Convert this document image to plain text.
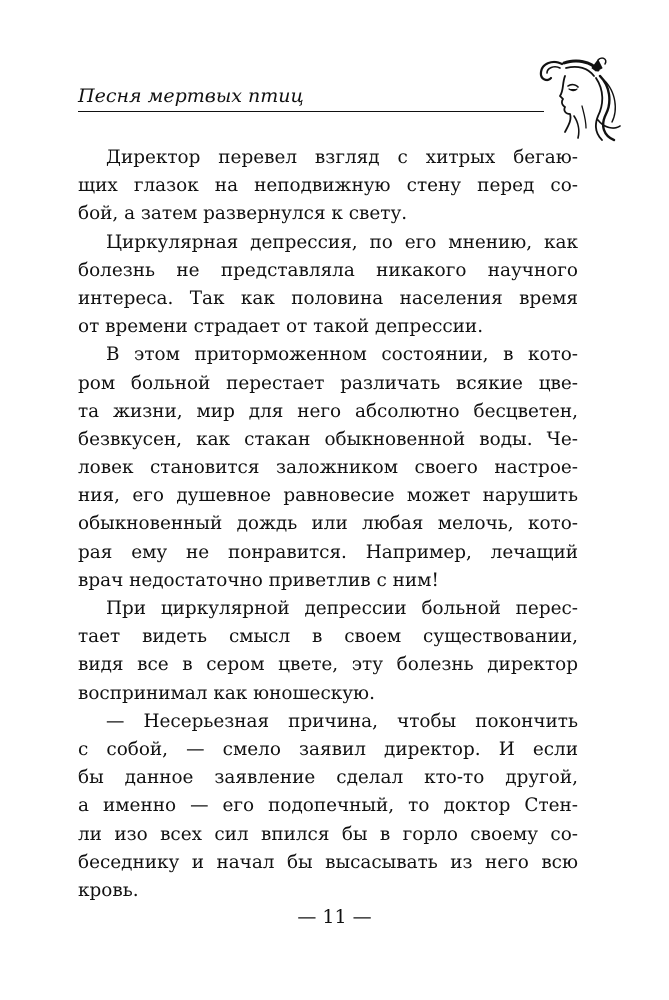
Песня мертвых птиц
Директор перевел взгляд с хитрых бегаю-
щих глазок на неподвижную стену перед со-
бой, а затем развернулся к свету.
Циркулярная депрессия, по его мнению, как
болезнь не представляла никакого научного
интереса. Так как половина населения время
от времени страдает от такой депрессии.
В этом приторможенном состоянии, в кото-
ром больной перестает различать всякие цве-
та жизни, мир для него абсолютно бесцветен,
безвкусен, как стакан обыкновенной воды. Че-
ловек становится заложником своего настрое-
ния, его душевное равновесие может нарушить
обыкновенный дождь или любая мелочь, кото-
рая ему не понравится. Например, лечащий
врач недостаточно приветлив с ним!
При циркулярной депрессии больной перес-
тает видеть смысл в своем существовании,
видя все в сером цвете, эту болезнь директор
воспринимал как юношескую.
— Несерьезная причина, чтобы покончить
с собой, — смело заявил директор. И если
бы данное заявление сделал кто-то другой,
а именно — его подопечный, то доктор Стен-
ли изо всех сил впился бы в горло своему со-
беседнику и начал бы высасывать из него всю
кровь.
— 11 —
